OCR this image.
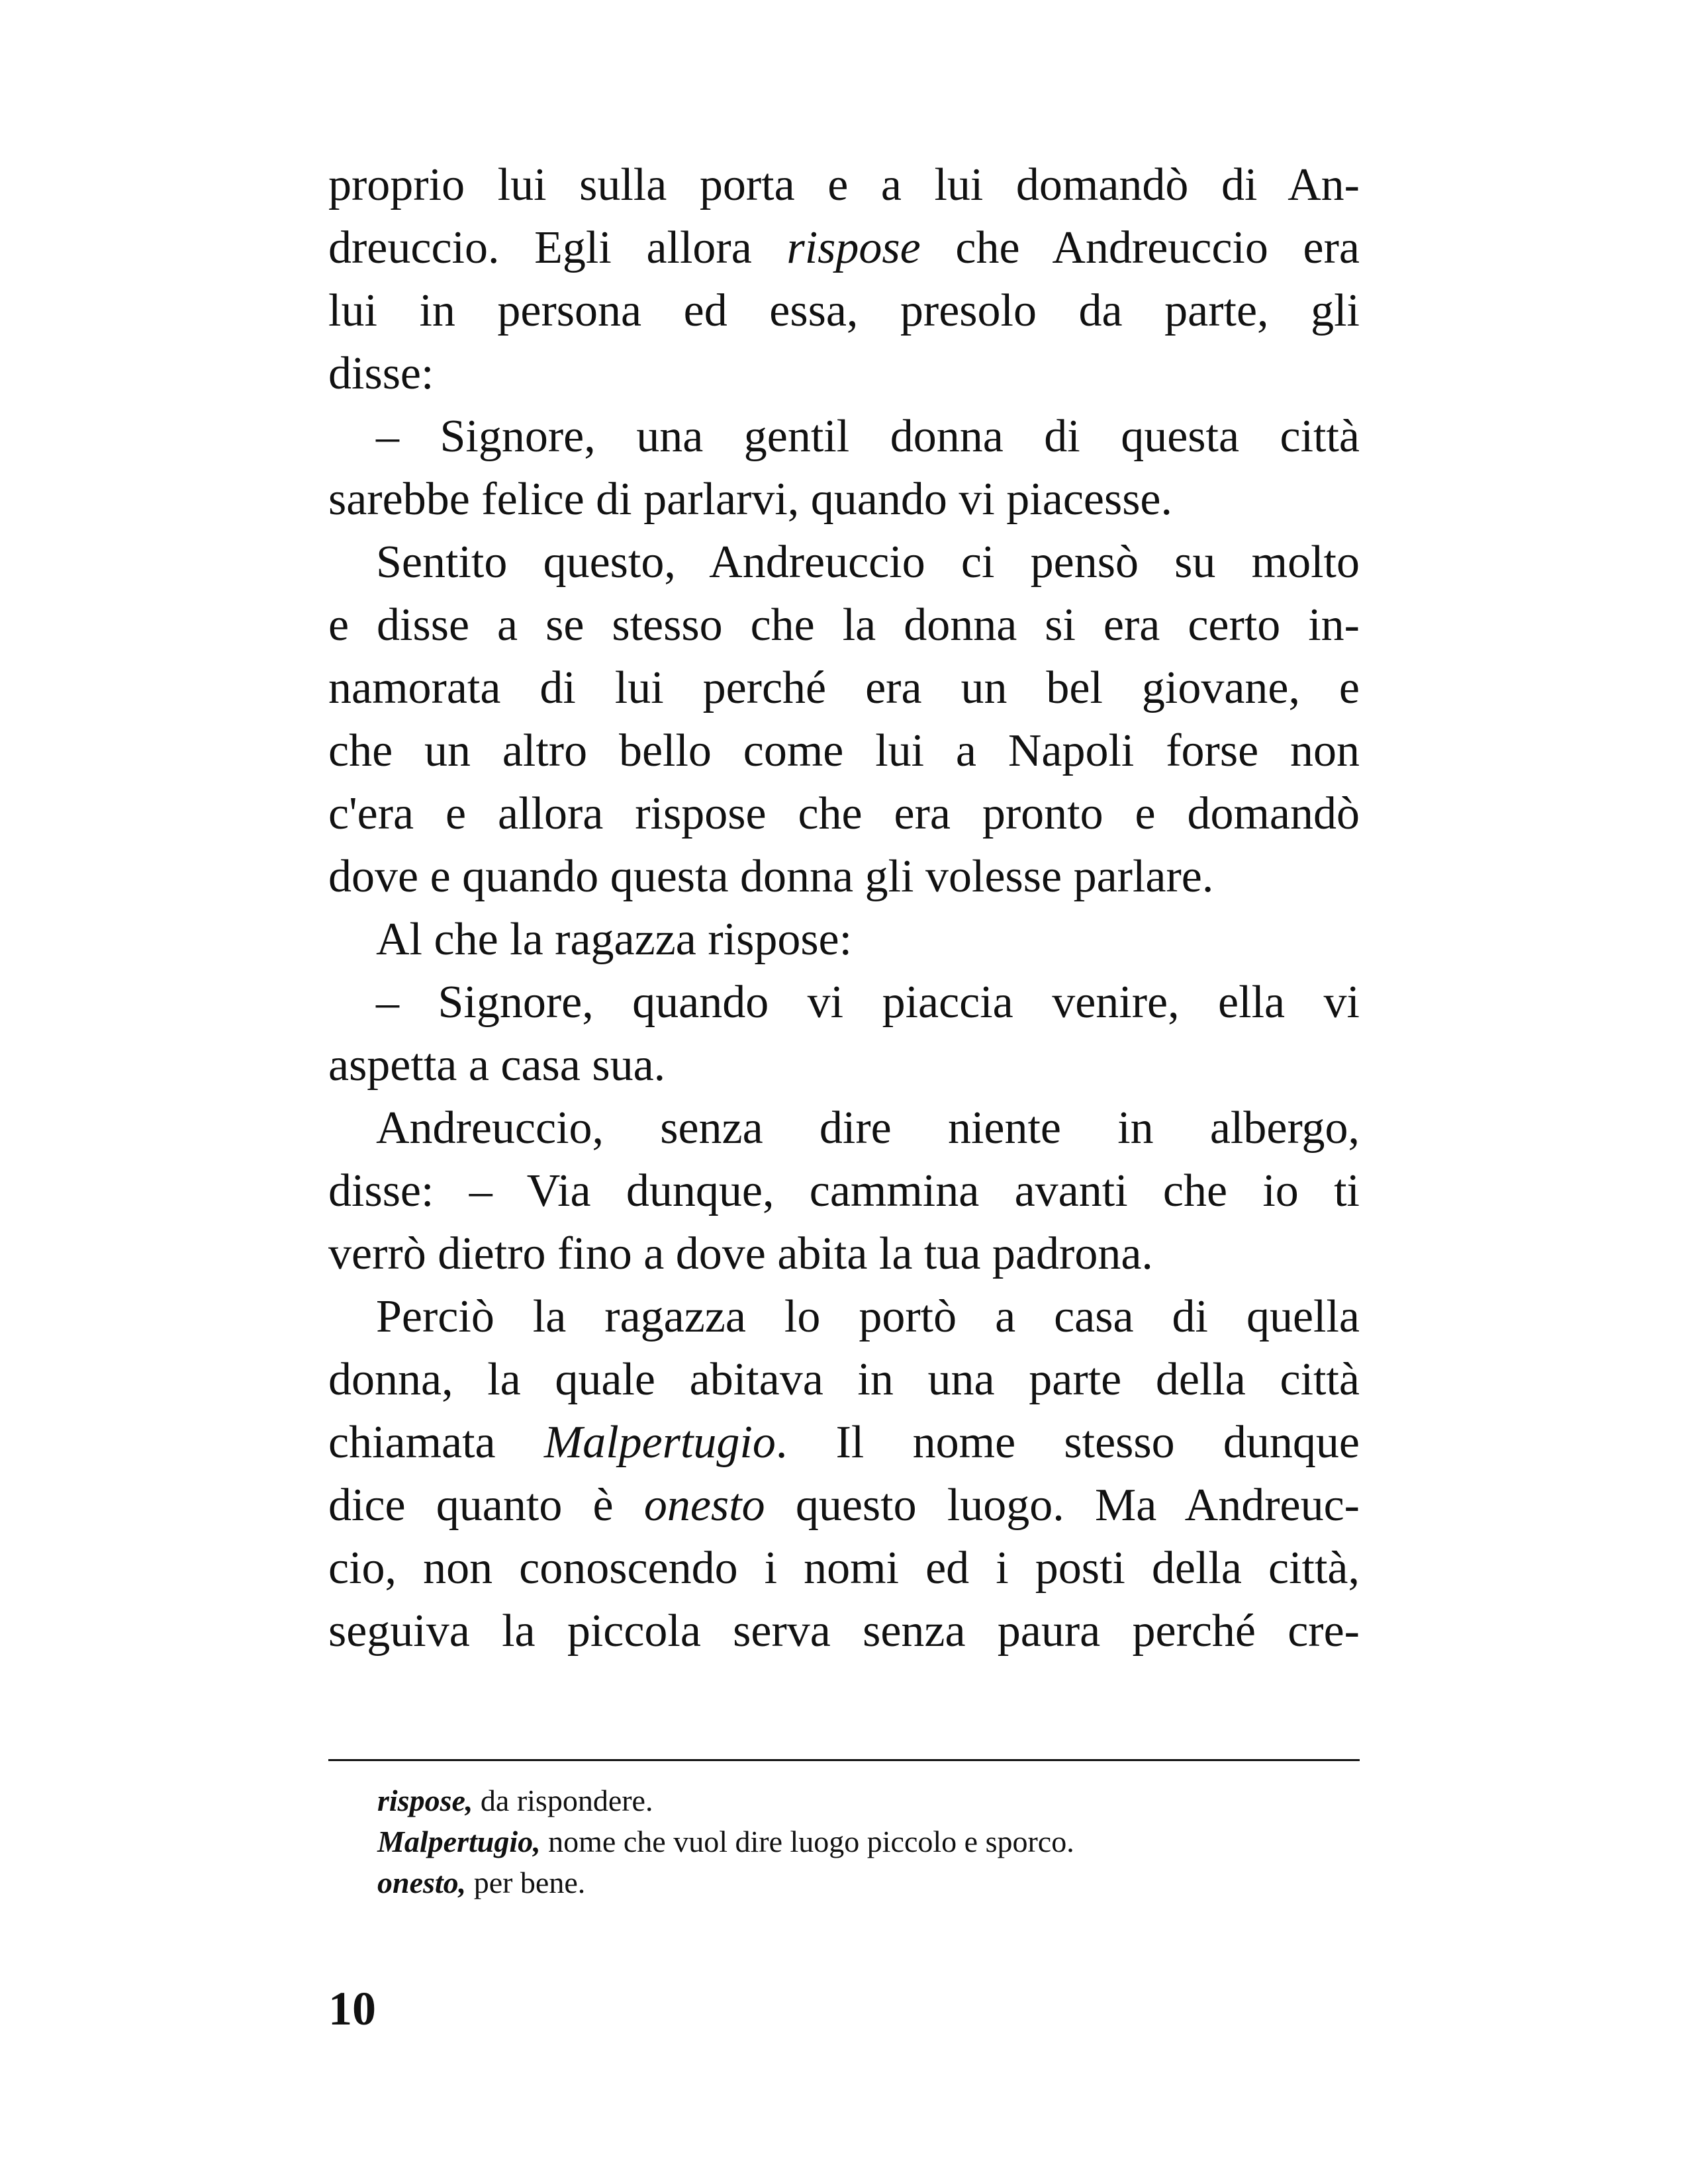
proprio lui sulla porta e a lui domandò di An-
dreuccio. Egli allora rispose che Andreuccio era
lui in persona ed essa, presolo da parte, gli
disse:
– Signore, una gentil donna di questa città
sarebbe felice di parlarvi, quando vi piacesse.
Sentito questo, Andreuccio ci pensò su molto
e disse a se stesso che la donna si era certo in-
namorata di lui perché era un bel giovane, e
che un altro bello come lui a Napoli forse non
c'era e allora rispose che era pronto e domandò
dove e quando questa donna gli volesse parlare.
Al che la ragazza rispose:
– Signore, quando vi piaccia venire, ella vi
aspetta a casa sua.
Andreuccio, senza dire niente in albergo,
disse: – Via dunque, cammina avanti che io ti
verrò dietro fino a dove abita la tua padrona.
Perciò la ragazza lo portò a casa di quella
donna, la quale abitava in una parte della città
chiamata Malpertugio. Il nome stesso dunque
dice quanto è onesto questo luogo. Ma Andreuc-
cio, non conoscendo i nomi ed i posti della città,
seguiva la piccola serva senza paura perché cre-
rispose, da rispondere.
Malpertugio, nome che vuol dire luogo piccolo e sporco.
onesto, per bene.
10
